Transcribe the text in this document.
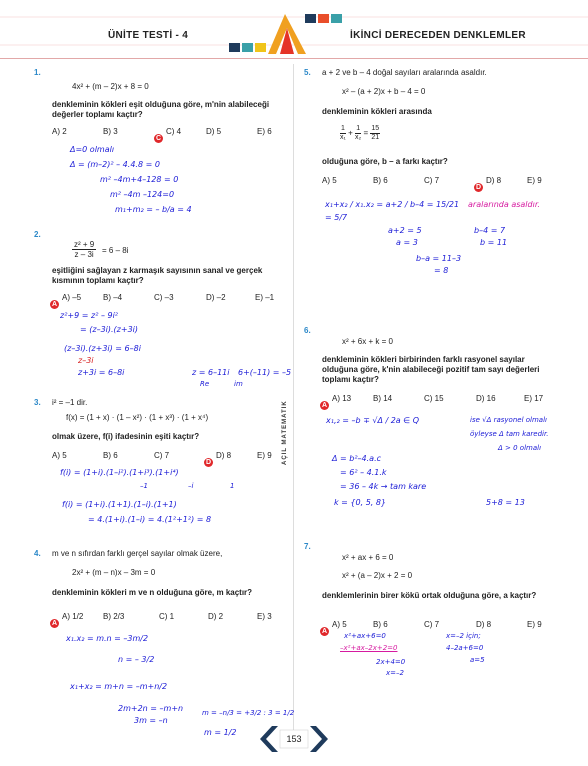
ÜNİTE TESTİ - 4	İKİNCİ DERECEDEN DENKLEMLER
AÇIL MATEMATİK
1.
4x² + (m – 2)x + 8 = 0
denkleminin kökleri eşit olduğuna göre, m'nin alabileceği değerler toplamı kaçtır?
A) 2	B) 3
C
C) 4	D) 5	E) 6
Δ=0 olmalı
Δ = (m–2)² – 4.4.8 = 0
m² –4m+4–128 = 0
m² –4m –124=0
m₁+m₂ = – b/a = 4
2.
$\frac{\text{z² + 9}}{z - 3i} = 6 - 8i$
eşitliğini sağlayan z karmaşık sayısının sanal ve gerçek kısmının toplamı kaçtır?
A
A) –5	B) –4	C) –3	D) –2	E) –1
z²+9 = z² – 9i²
= (z–3i).(z+3i)
(z–3i).(z+3i) = 6–8i
z–3i
z+3i = 6–8i	z = 6–11i 6+(–11) = –5
Re	im
3. i² = –1 dir.
f(x) = (1 + x) · (1 – x²) · (1 + x³) · (1 + x⁴)
olmak üzere, f(i) ifadesinin eşiti kaçtır?
A) 5	B) 6	C) 7
D
D) 8	E) 9
f(i) = (1+i).(1–i²).(1+i³).(1+i⁴)
–1	–i	1
f(i) = (1+i).(1+1).(1–i).(1+1)
= 4.(1+i).(1–i) = 4.(1²+1²) = 8
4. m ve n sıfırdan farklı gerçel sayılar olmak üzere,
2x² + (m – n)x – 3m = 0
denkleminin kökleri m ve n olduğuna göre, m kaçtır?
A
A) 1/2 B) 2/3	C) 1	D) 2	E) 3
x₁.x₂ = m.n = –3m/2
n = – 3/2
x₁+x₂ = m+n = –m+n/2
2m+2n = –m+n
3m = –n
m = –n/3 = +3/2 : 3 = 1/2
m = 1/2
5. a + 2 ve b – 4 doğal sayıları aralarında asaldır.
x² – (a + 2)x + b – 4 = 0
denkleminin kökleri arasında
$\frac{1}{\text{x₁}} + \frac{1}{\text{x₂}} = \frac{15}{21}$
olduğuna göre, b – a farkı kaçtır?
A) 5	B) 6	C) 7
D
D) 8	E) 9
x₁+x₂ / x₁.x₂ = a+2 / b–4 = 15/21 = 5/7
aralarında asaldır.
a+2 = 5
a = 3
b–4 = 7
b = 11
b–a = 11–3
= 8
6.
x² + 6x + k = 0
denkleminin kökleri birbirinden farklı rasyonel sayılar olduğuna göre, k'nin alabileceği pozitif tam sayı değerleri toplamı kaçtır?
A
A) 13	B) 14	C) 15	D) 16	E) 17
x₁,₂ = –b ∓ √Δ / 2a ∈ Q	ise √Δ rasyonel olmalı
öyleyse Δ tam karedir.
Δ > 0 olmalı
Δ = b²–4.a.c
= 6² – 4.1.k
= 36 – 4k → tam kare
k = {0, 5, 8}	5+8 = 13
7.
x² + ax + 6 = 0
x² + (a – 2)x + 2 = 0
denklemlerinin birer kökü ortak olduğuna göre, a kaçtır?
A
A) 5	B) 6	C) 7	D) 8	E) 9
x²+ax+6=0
–x²+ax–2x+2=0
2x+4=0
x=–2
x=–2 için;
4–2a+6=0
a=5
153
